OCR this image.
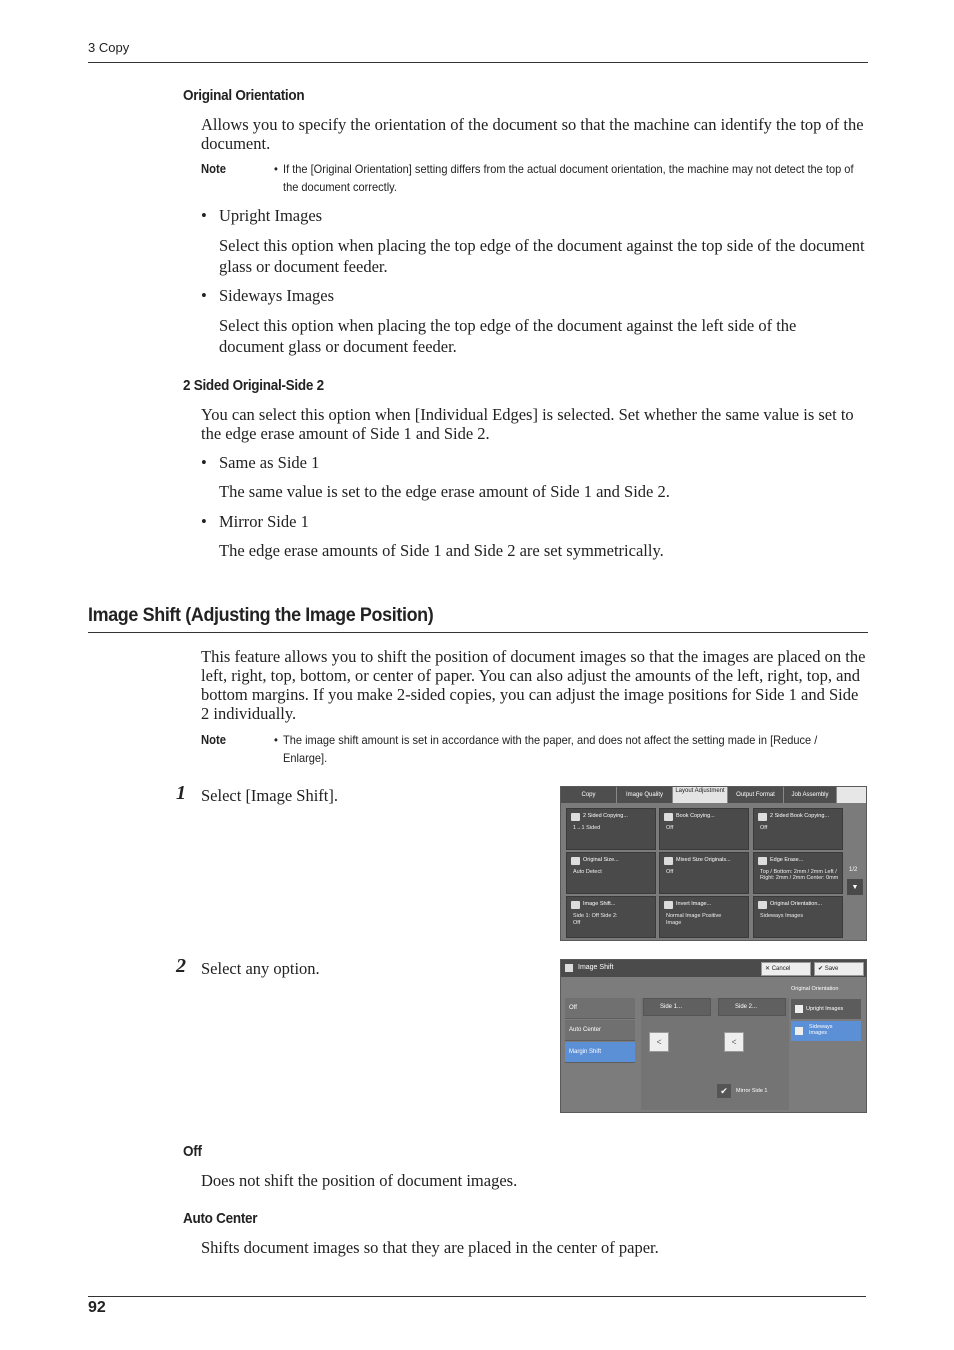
3 Copy
Original Orientation
Allows you to specify the orientation of the document so that the machine can identify the top of the document.
Note	• If the [Original Orientation] setting differs from the actual document orientation, the machine may not detect the top of the document correctly.
• Upright Images
Select this option when placing the top edge of the document against the top side of the document glass or document feeder.
• Sideways Images
Select this option when placing the top edge of the document against the left side of the document glass or document feeder.
2 Sided Original-Side 2
You can select this option when [Individual Edges] is selected. Set whether the same value is set to the edge erase amount of Side 1 and Side 2.
• Same as Side 1
The same value is set to the edge erase amount of Side 1 and Side 2.
• Mirror Side 1
The edge erase amounts of Side 1 and Side 2 are set symmetrically.
Image Shift (Adjusting the Image Position)
This feature allows you to shift the position of document images so that the images are placed on the left, right, top, bottom, or center of paper. You can also adjust the amounts of the left, right, top, and bottom margins. If you make 2-sided copies, you can adjust the image positions for Side 1 and Side 2 individually.
Note	• The image shift amount is set in accordance with the paper, and does not affect the setting made in [Reduce / Enlarge].
1 Select [Image Shift].
2 Select any option.
Copy	Image Quality
Layout Adjustment
Output Format	Job Assembly
2 Sided Copying...
1→1 Sided
Book Copying...
Off
2 Sided Book Copying...
Off
Original Size...
Auto Detect
Mixed Size Originals...
Off
Edge Erase...
Top / Bottom: 2mm / 2mm Left / Right: 2mm / 2mm Center: 0mm
Image Shift...
Side 1: Off Side 2: Off
Invert Image...
Normal Image Positive Image
Original Orientation...
Sideways Images
1/2
▼
Image Shift	✕ Cancel	✔ Save
Off
Auto Center
Margin Shift
Side 1...	Side 2...
<	<
Original Orientation
Upright Images
Sideways Images
✔	Mirror Side 1
Off
Does not shift the position of document images.
Auto Center
Shifts document images so that they are placed in the center of paper.
92
